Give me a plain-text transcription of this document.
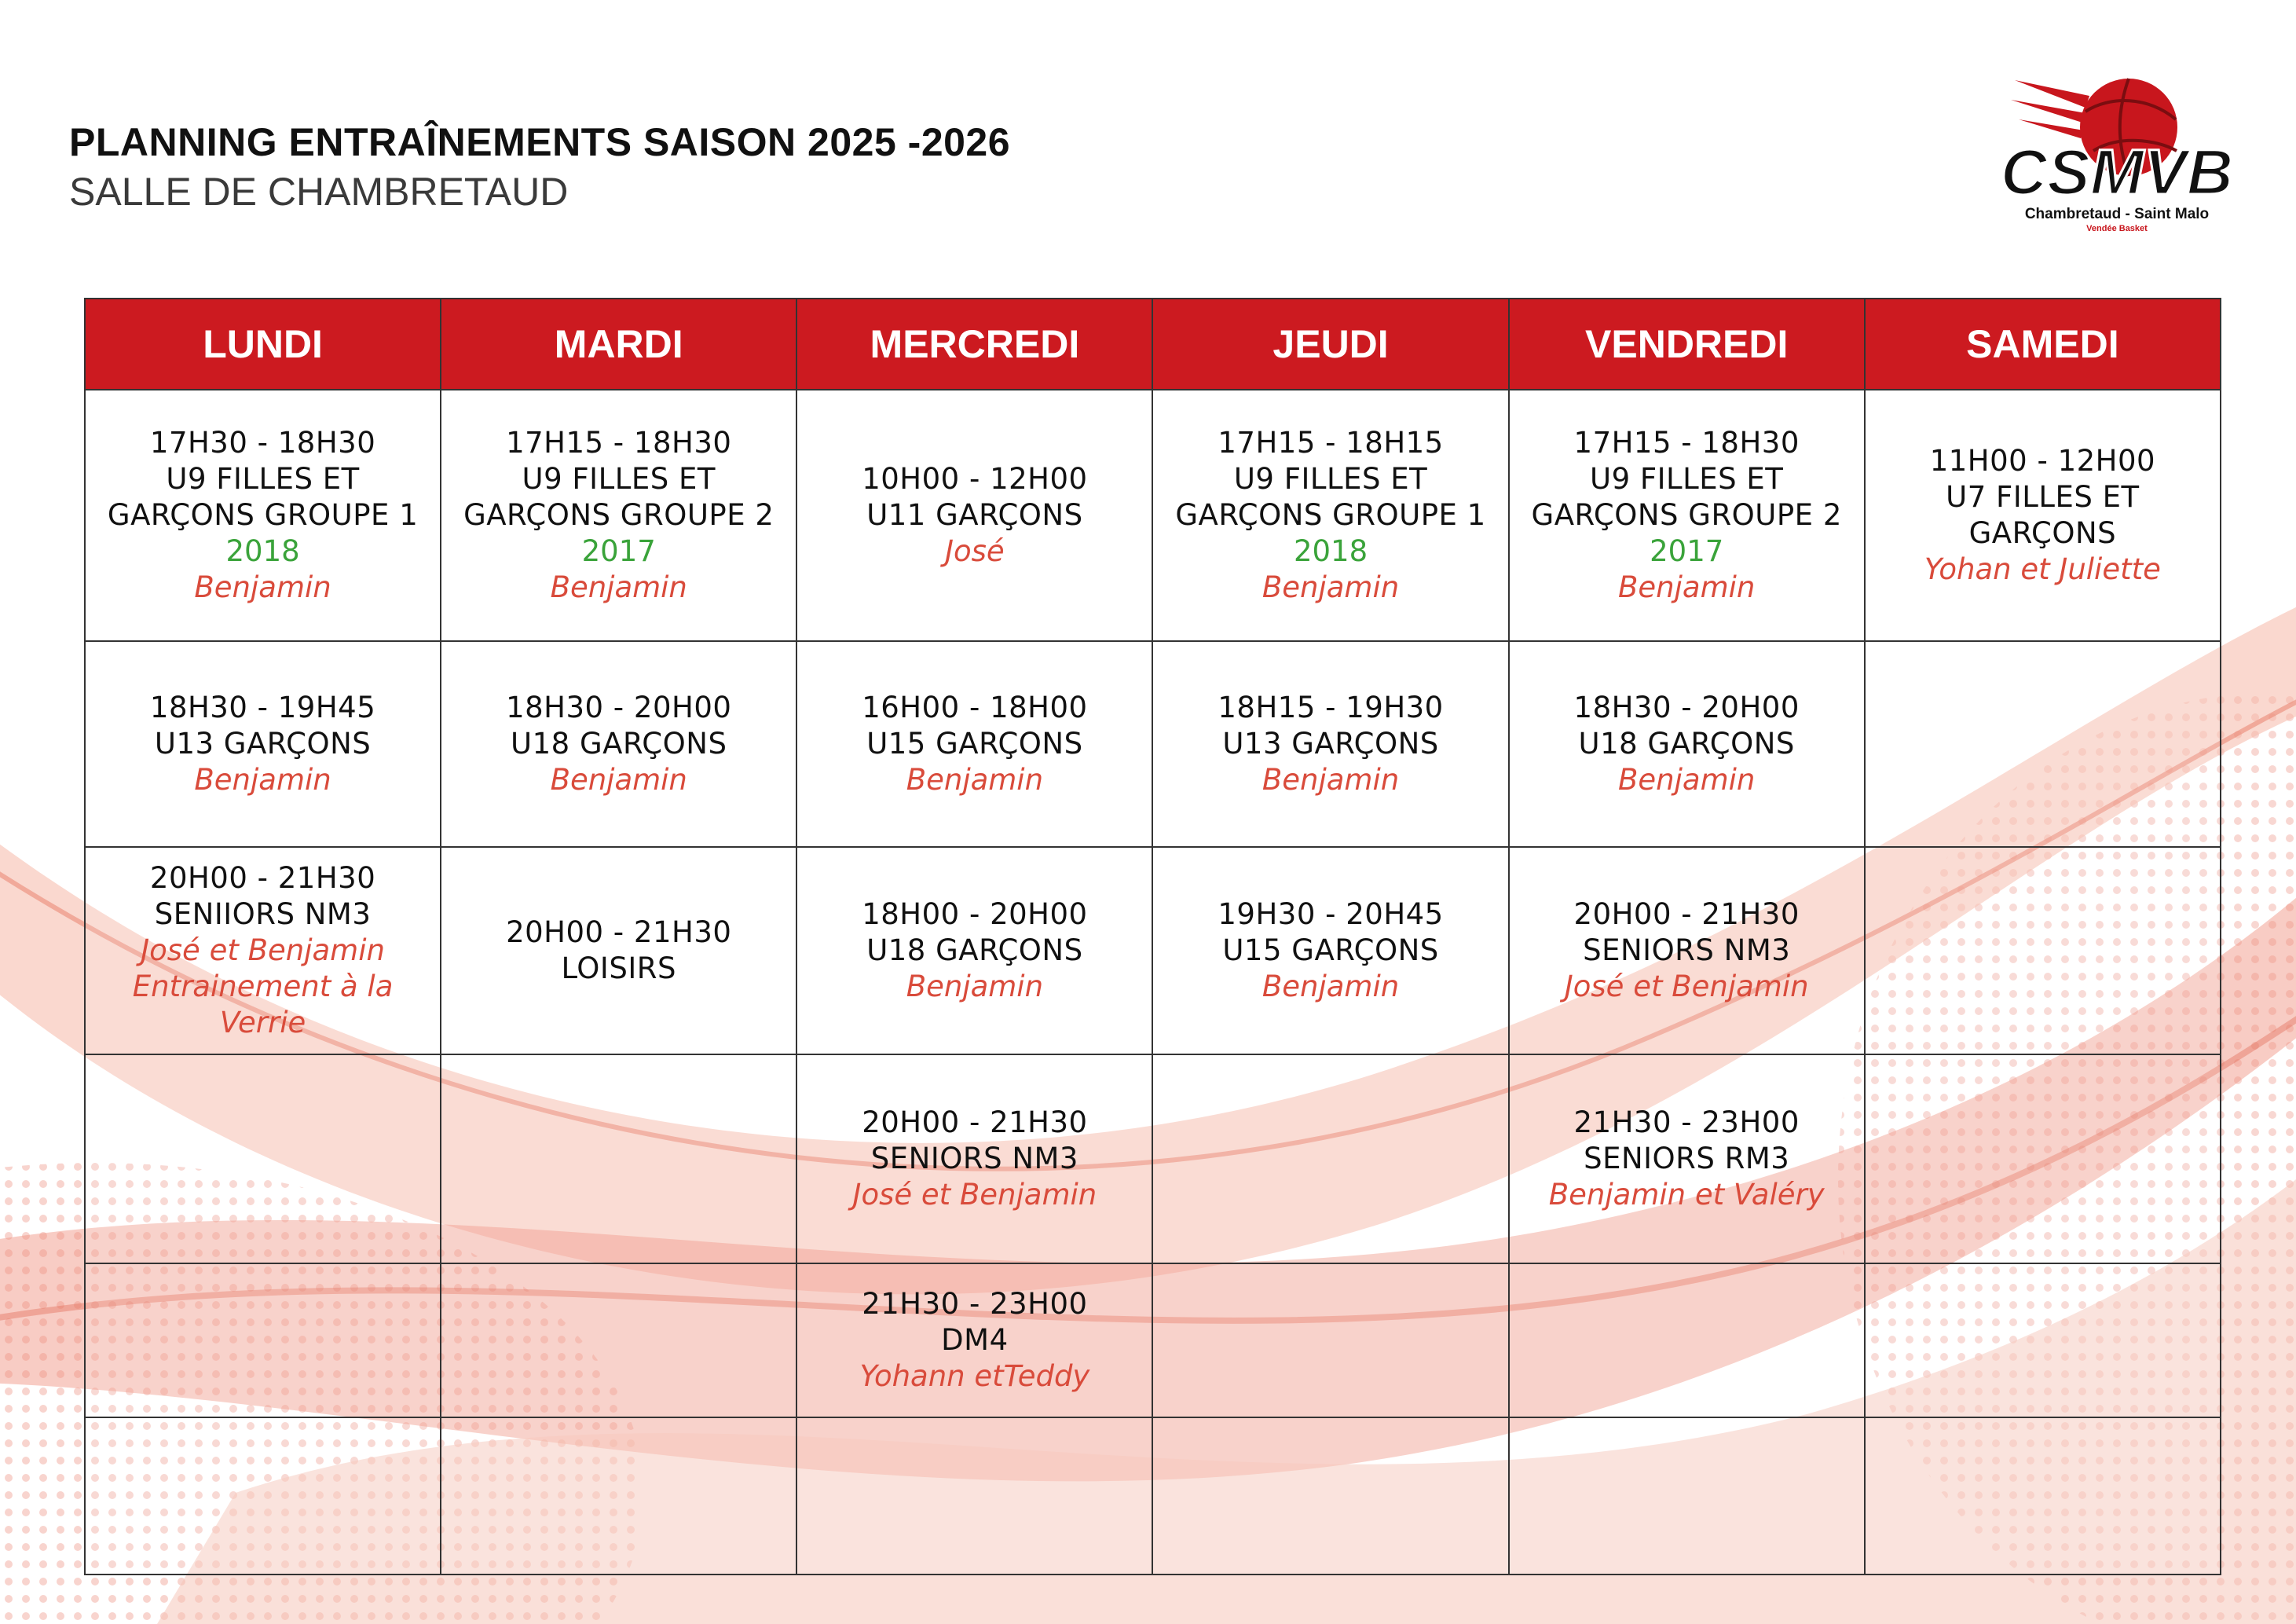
PLANNING ENTRAÎNEMENTS SAISON 2025 -2026
SALLE DE CHAMBRETAUD	CSMVB
Chambretaud - Saint Malo
Vendée Basket
LUNDI	MARDI	MERCREDI	JEUDI	VENDREDI	SAMEDI

17H30 - 18H30
U9 FILLES ET GARÇONS GROUPE 1
2018
Benjamin	17H15 - 18H30
U9 FILLES ET GARÇONS GROUPE 2
2017
Benjamin	10H00 - 12H00
U11 GARÇONS
José	17H15 - 18H15
U9 FILLES ET GARÇONS GROUPE 1
2018
Benjamin	17H15 - 18H30
U9 FILLES ET GARÇONS GROUPE 2
2017
Benjamin	11H00 - 12H00
U7 FILLES ET GARÇONS
Yohan et Juliette

18H30 - 19H45
U13 GARÇONS
Benjamin	18H30 - 20H00
U18 GARÇONS
Benjamin	16H00 - 18H00
U15 GARÇONS
Benjamin	18H15 - 19H30
U13 GARÇONS
Benjamin	18H30 - 20H00
U18 GARÇONS
Benjamin	

20H00 - 21H30
SENIIORS NM3
José et Benjamin
Entrainement à la Verrie	20H00 - 21H30
LOISIRS	18H00 - 20H00
U18 GARÇONS
Benjamin	19H30 - 20H45
U15 GARÇONS
Benjamin	20H00 - 21H30
SENIORS NM3
José et Benjamin	

		20H00 - 21H30
SENIORS NM3
José et Benjamin		21H30 - 23H00
SENIORS RM3
Benjamin et Valéry	

		21H30 - 23H00
DM4
Yohann etTeddy			
